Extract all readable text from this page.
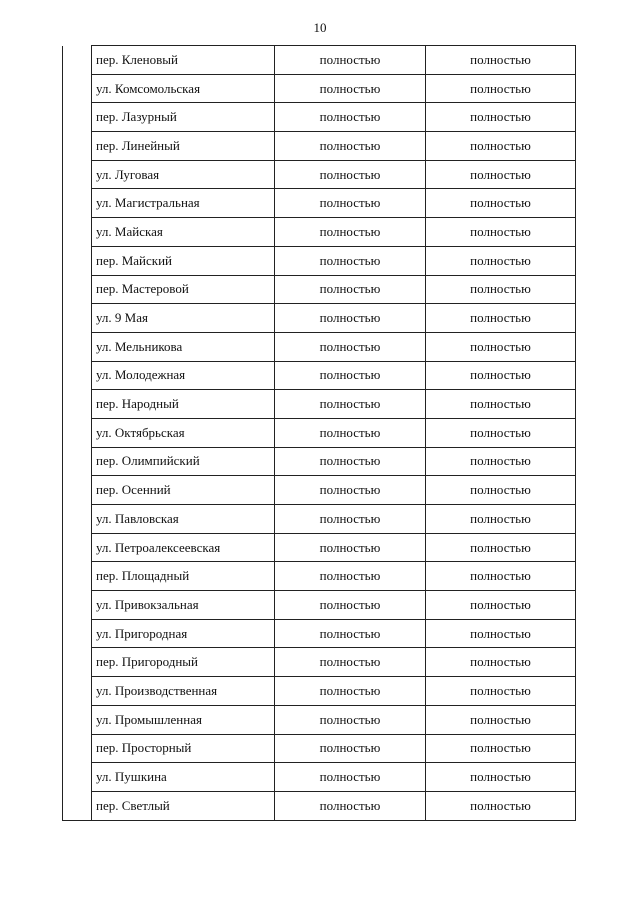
10
	пер. Кленовый	полностью	полностью
	ул. Комсомольская	полностью	полностью
	пер. Лазурный	полностью	полностью
	пер. Линейный	полностью	полностью
	ул. Луговая	полностью	полностью
	ул. Магистральная	полностью	полностью
	ул. Майская	полностью	полностью
	пер. Майский	полностью	полностью
	пер. Мастеровой	полностью	полностью
	ул. 9 Мая	полностью	полностью
	ул. Мельникова	полностью	полностью
	ул. Молодежная	полностью	полностью
	пер. Народный	полностью	полностью
	ул. Октябрьская	полностью	полностью
	пер. Олимпийский	полностью	полностью
	пер. Осенний	полностью	полностью
	ул. Павловская	полностью	полностью
	ул. Петроалексеевская	полностью	полностью
	пер. Площадный	полностью	полностью
	ул. Привокзальная	полностью	полностью
	ул. Пригородная	полностью	полностью
	пер. Пригородный	полностью	полностью
	ул. Производственная	полностью	полностью
	ул. Промышленная	полностью	полностью
	пер. Просторный	полностью	полностью
	ул. Пушкина	полностью	полностью
	пер. Светлый	полностью	полностью
